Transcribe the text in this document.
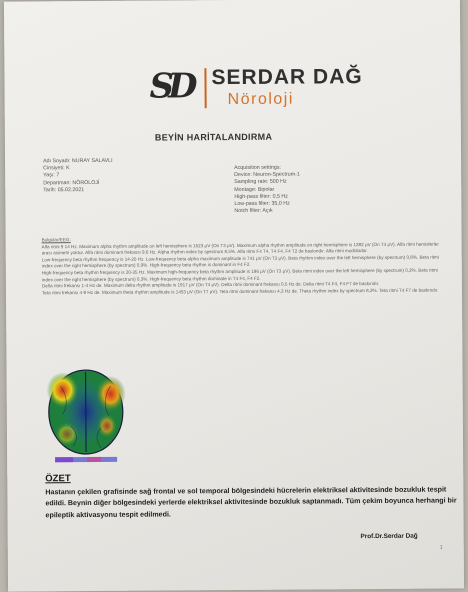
SD SERDAR DAĞ
Nöroloji
BEYİN HARİTALANDIRMA
Adı Soyadı: NURAY SALAVLI
Cinsiyeti: K
Yaşı: 7
Departman: NÖROLOJİ
Tarih: 05.02.2021
Acquisition settings:
Device: Neuron-Spectrum-1
Sampling rate: 500 Hz
Montage: Bipolar
High-pass filter: 0,5 Hz
Low-pass filter: 35,0 Hz
Notch filter: Açık
Bulgular/EEG:

Alfa ritmi 9 14 Hz. Maximum alpha rhythm amplitude on left hemisphere is 1523 μV (On T3 μV). Maximum alpha rhythm amplitude on right hemisphere is 1382 μV (On T4 μV). Alfa ritmi hemisferler arası asimetri yoktur. Alfa ritmi dominant frekansı 9,6 Hz. Alpha rhythm index by spectrum 8,5%. Alfa ritmi F4 T4, T4 F4, F4 T2 de baskındır. Alfa ritmi modülüdür.

Low-frequency beta rhythm frequency is 14-20 Hz. Low-frequency beta alpha maximum amplitude is 741 μV (On T3 μV). Beta rhythm index over the left hemisphere (by spectrum) 0,8%. Beta ritmi index over the right hemisphere (by spectrum) 0,9%. High-frequency beta rhythm is dominant in F4 F2.

High-frequency beta rhythm frequency is 20-35 Hz. Maximum high-frequency beta rhythm amplitude is 196 μV (On T3 μV). Beta ritmi index over the left hemisphere (by spectrum) 0,2%. Beta ritmi index over the right hemisphere (by spectrum) 0,3%. High-frequency beta rhythm dominate in T4 F4, F4 F2.

Delta ritmi frekansı 1-4 Hz de. Maximum delta rhythm amplitude is 1917 μV (On T4 μV). Delta ritmi dominant frekansı 0,5 Hz de. Delta ritmi T4 F4, F4 F7 de baskındır.

Teta ritmi frekansı 4-8 Hz de. Maximum theta rhythm amplitude is 1453 μV (On T7 μV). Teta ritmi dominant frekansı 4,3 Hz de. Theta rhythm index by spectrum 8,2%. Teta ritmi T4 F7 de baskındır.

ÖZET

Hastanın çekilen grafisinde sağ frontal ve sol temporal bölgesindeki hücrelerin elektriksel aktivitesinde bozukluk tespit edildi. Beynin diğer bölgesindeki yerlerde elektriksel aktivitesinde bozukluk saptanmadı. Tüm çekim boyunca herhangi bir epileptik aktivasyonu tespit edilmedi.

Prof.Dr.Serdar Dağ
1
